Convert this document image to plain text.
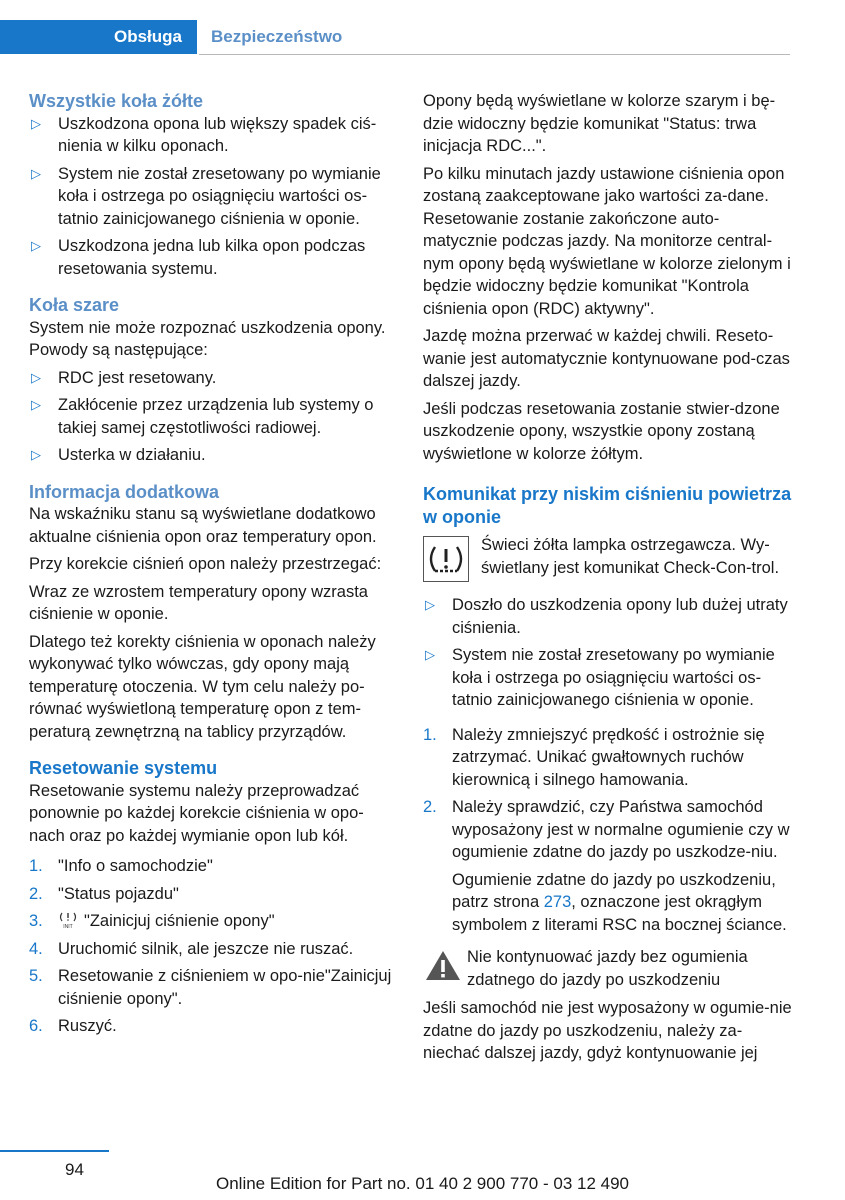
Obsługa	Bezpieczeństwo
Wszystkie koła żółte
▷ Uszkodzona opona lub większy spadek ciś- nienia w kilku oponach.
▷ System nie został zresetowany po wymianie koła i ostrzega po osiągnięciu wartości os-tatnio zainicjowanego ciśnienia w oponie.
▷ Uszkodzona jedna lub kilka opon podczas resetowania systemu.
Koła szare

System nie może rozpoznać uszkodzenia opony. Powody są następujące:

▷ RDC jest resetowany.
▷ Zakłócenie przez urządzenia lub systemy o takiej samej częstotliwości radiowej.
▷ Usterka w działaniu.
Informacja dodatkowa

Na wskaźniku stanu są wyświetlane dodatkowo aktualne ciśnienia opon oraz temperatury opon.

Przy korekcie ciśnień opon należy przestrzegać:

Wraz ze wzrostem temperatury opony wzrasta ciśnienie w oponie.

Dlatego też korekty ciśnienia w oponach należy wykonywać tylko wówczas, gdy opony mają temperaturę otoczenia. W tym celu należy po-równać wyświetloną temperaturę opon z tem-peraturą zewnętrzną na tablicy przyrządów.

Resetowanie systemu

Resetowanie systemu należy przeprowadzać ponownie po każdej korekcie ciśnienia w opo-nach oraz po każdej wymianie opon lub kół.

1. "Info o samochodzie"
2. "Status pojazdu"
3.	INIT "Zainicjuj ciśnienie opony"
4. Uruchomić silnik, ale jeszcze nie ruszać.
5. Resetowanie z ciśnieniem w opo-nie"Zainicjuj ciśnienie opony".
6. Ruszyć.

Opony będą wyświetlane w kolorze szarym i bę-dzie widoczny będzie komunikat "Status: trwa inicjacja RDC...".

Po kilku minutach jazdy ustawione ciśnienia opon zostaną zaakceptowane jako wartości za-dane. Resetowanie zostanie zakończone auto-matycznie podczas jazdy. Na monitorze central-nym opony będą wyświetlane w kolorze zielonym i będzie widoczny będzie komunikat "Kontrola ciśnienia opon (RDC) aktywny".

Jazdę można przerwać w każdej chwili. Reseto-wanie jest automatycznie kontynuowane pod-czas dalszej jazdy.

Jeśli podczas resetowania zostanie stwier-dzone uszkodzenie opony, wszystkie opony zostaną wyświetlone w kolorze żółtym.

Komunikat przy niskim ciśnieniu powietrza w oponie
Świeci żółta lampka ostrzegawcza. Wy-świetlany jest komunikat Check-Con-trol.
▷ Doszło do uszkodzenia opony lub dużej utraty ciśnienia.
▷ System nie został zresetowany po wymianie koła i ostrzega po osiągnięciu wartości os-tatnio zainicjowanego ciśnienia w oponie.
1. Należy zmniejszyć prędkość i ostrożnie się zatrzymać. Unikać gwałtownych ruchów kierownicą i silnego hamowania.
2. Należy sprawdzić, czy Państwa samochód wyposażony jest w normalne ogumienie czy w ogumienie zdatne do jazdy po uszkodze-niu.

Ogumienie zdatne do jazdy po uszkodzeniu, patrz strona 273, oznaczone jest okrągłym symbolem z literami RSC na bocznej ściance.

Nie kontynuować jazdy bez ogumienia zdatnego do jazdy po uszkodzeniu

Jeśli samochód nie jest wyposażony w ogumie-nie zdatne do jazdy po uszkodzeniu, należy za-niechać dalszej jazdy, gdyż kontynuowanie jej

94
Online Edition for Part no. 01 40 2 900 770 - 03 12 490
